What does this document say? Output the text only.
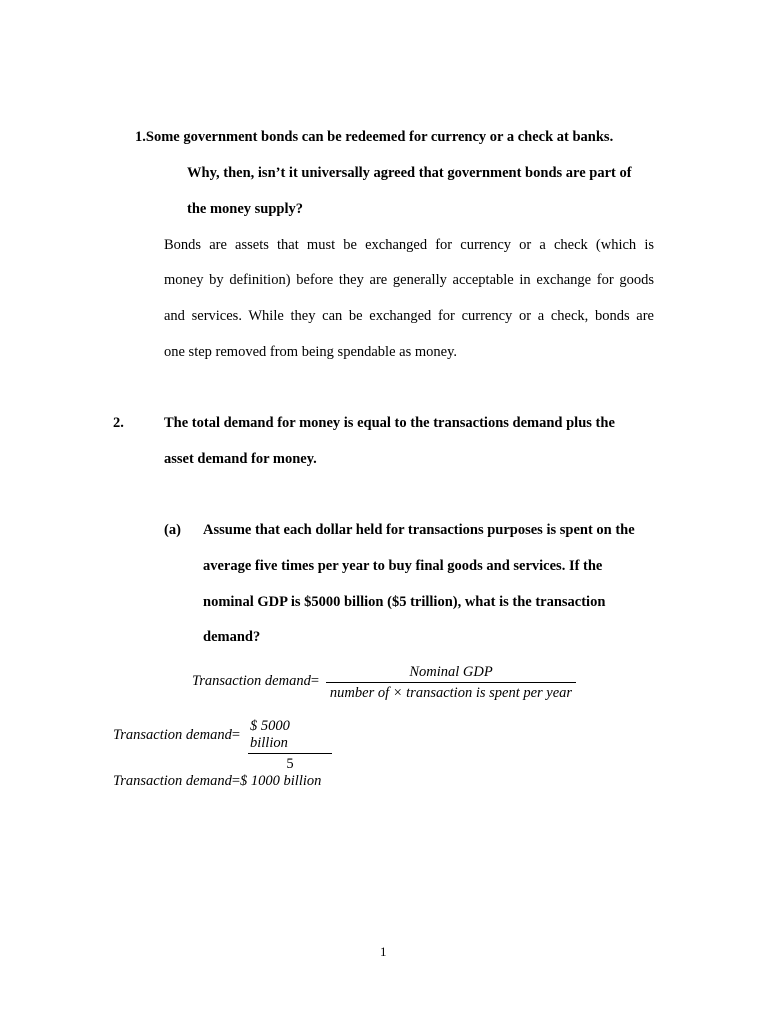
1.Some government bonds can be redeemed for currency or a check at banks.
Why, then, isn’t it universally agreed that government bonds are part of
the money supply?
Bonds are assets that must be exchanged for currency or a check (which is
money by definition) before they are generally acceptable in exchange for goods
and services. While they can be exchanged for currency or a check, bonds are
one step removed from being spendable as money.
2.	The total demand for money is equal to the transactions demand plus the
asset demand for money.
(a) Assume that each dollar held for transactions purposes is spent on the
average five times per year to buy final goods and services. If the
nominal GDP is $5000 billion ($5 trillion), what is the transaction
demand?
Transaction demand=
Nominal GDP
number of × transaction is spent per year
Transaction demand=
$ 5000 billion
5
Transaction demand=$ 1000 billion
1
